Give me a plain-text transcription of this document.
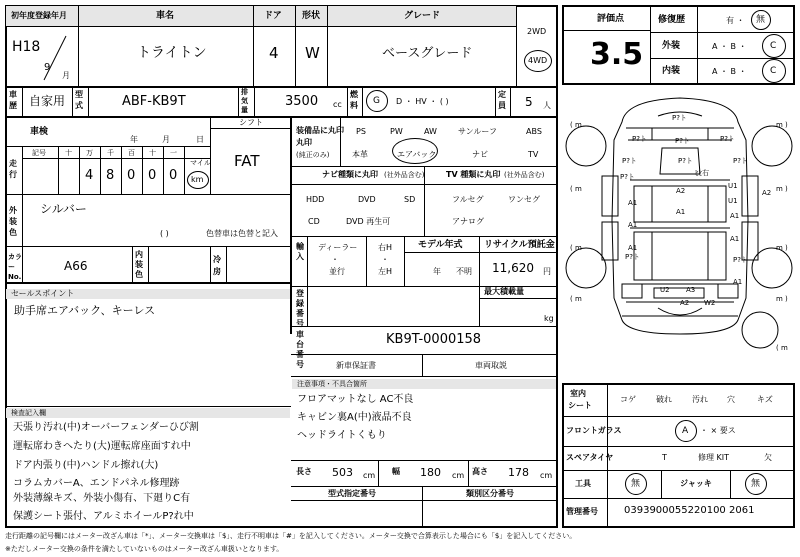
初年度登録年月
H18
9
月
車名
トライトン
ドア
4
形状
W
グレード
ベースグレード
2WD
4WD
車歴 自家用 型式	ABF-KB9T
排気量
3500 cc
燃料 G D ・ HV ・ ( )
定員 5 人
車検
年	月	日
シフト
FAT
走行
記号	十 万 千 百 十 一
4 8 0 0 0
マイル
km
装備品に丸印
丸印
(純正のみ)
PS	PW	AW	サンルーフ	ABS
本革	エアバック	ナビ	TV
ナビ種類に丸印 (社外品含む)
HDD	DVD	SD
CD	DVD 再生可
TV 種類に丸印 (社外品含む)
フルセグ	ワンセグ
アナログ
外装色
シルバー
( )	色替車は色替と記入
カラーNo.
A66
内装色
冷房
輸入
ディーラー
・
並行
右H
・
左H
モデル年式
年 不明
リサイクル預託金
11,620 円
セールスポイント
助手席エアバック、キーレス
登録番号
最大積載量
kg
車台番号
KB9T-0000158
新車保証書	車両取説
注意事項・不具合箇所
フロアマットなし AC不良
キャビン裏A(中)液晶不良
ヘッドライトくもり
長さ 503 cm 幅 180 cm 高さ 178 cm
型式指定番号	類別区分番号
検査記入欄
天張り汚れ(中)オーバーフェンダーひび割
運転席わきへたり(大)運転席座面すれ中
ドア内張り(中)ハンドル擦れ(大)
コラムカバーA、エンドパネル修理跡
外装薄線キズ、外装小傷有、下廻りC有
保護シート張付、アルミホイールP?れ中
評価点
3.5
修復歴	有 ・ 無
外装	A ・ B ・	C
内装	A ・ B ・	C
P?ト
P?ト	P?ト
P?ト
P?ト	P?ト
P?ト
P?ト	ﾋﾋ右
U1
U1
A1
A1
A1
A1
A1
A1
A2
A2
U2 A3
A2 W2
A1
P?ト	P?ト
( m	m )
( m	m )
( m	m )
( m	m )
( m
室内
シート
コゲ	破れ	汚れ 穴	キズ
フロントガラス	A ・ × 要ス
スペアタイヤ	T	修理 KIT	欠
工具	無	ジャッキ	無
管理番号	0393900055220100 2061
走行距離の記号欄にはメーター改ざん車は「*」、メーター交換車は「$」、走行不明車は「#」を記入してください。メーター交換で合算表示した場合にも「$」を記入してください。
※ただしメーター交換の条件を満たしていないものはメーター改ざん車扱いとなります。
